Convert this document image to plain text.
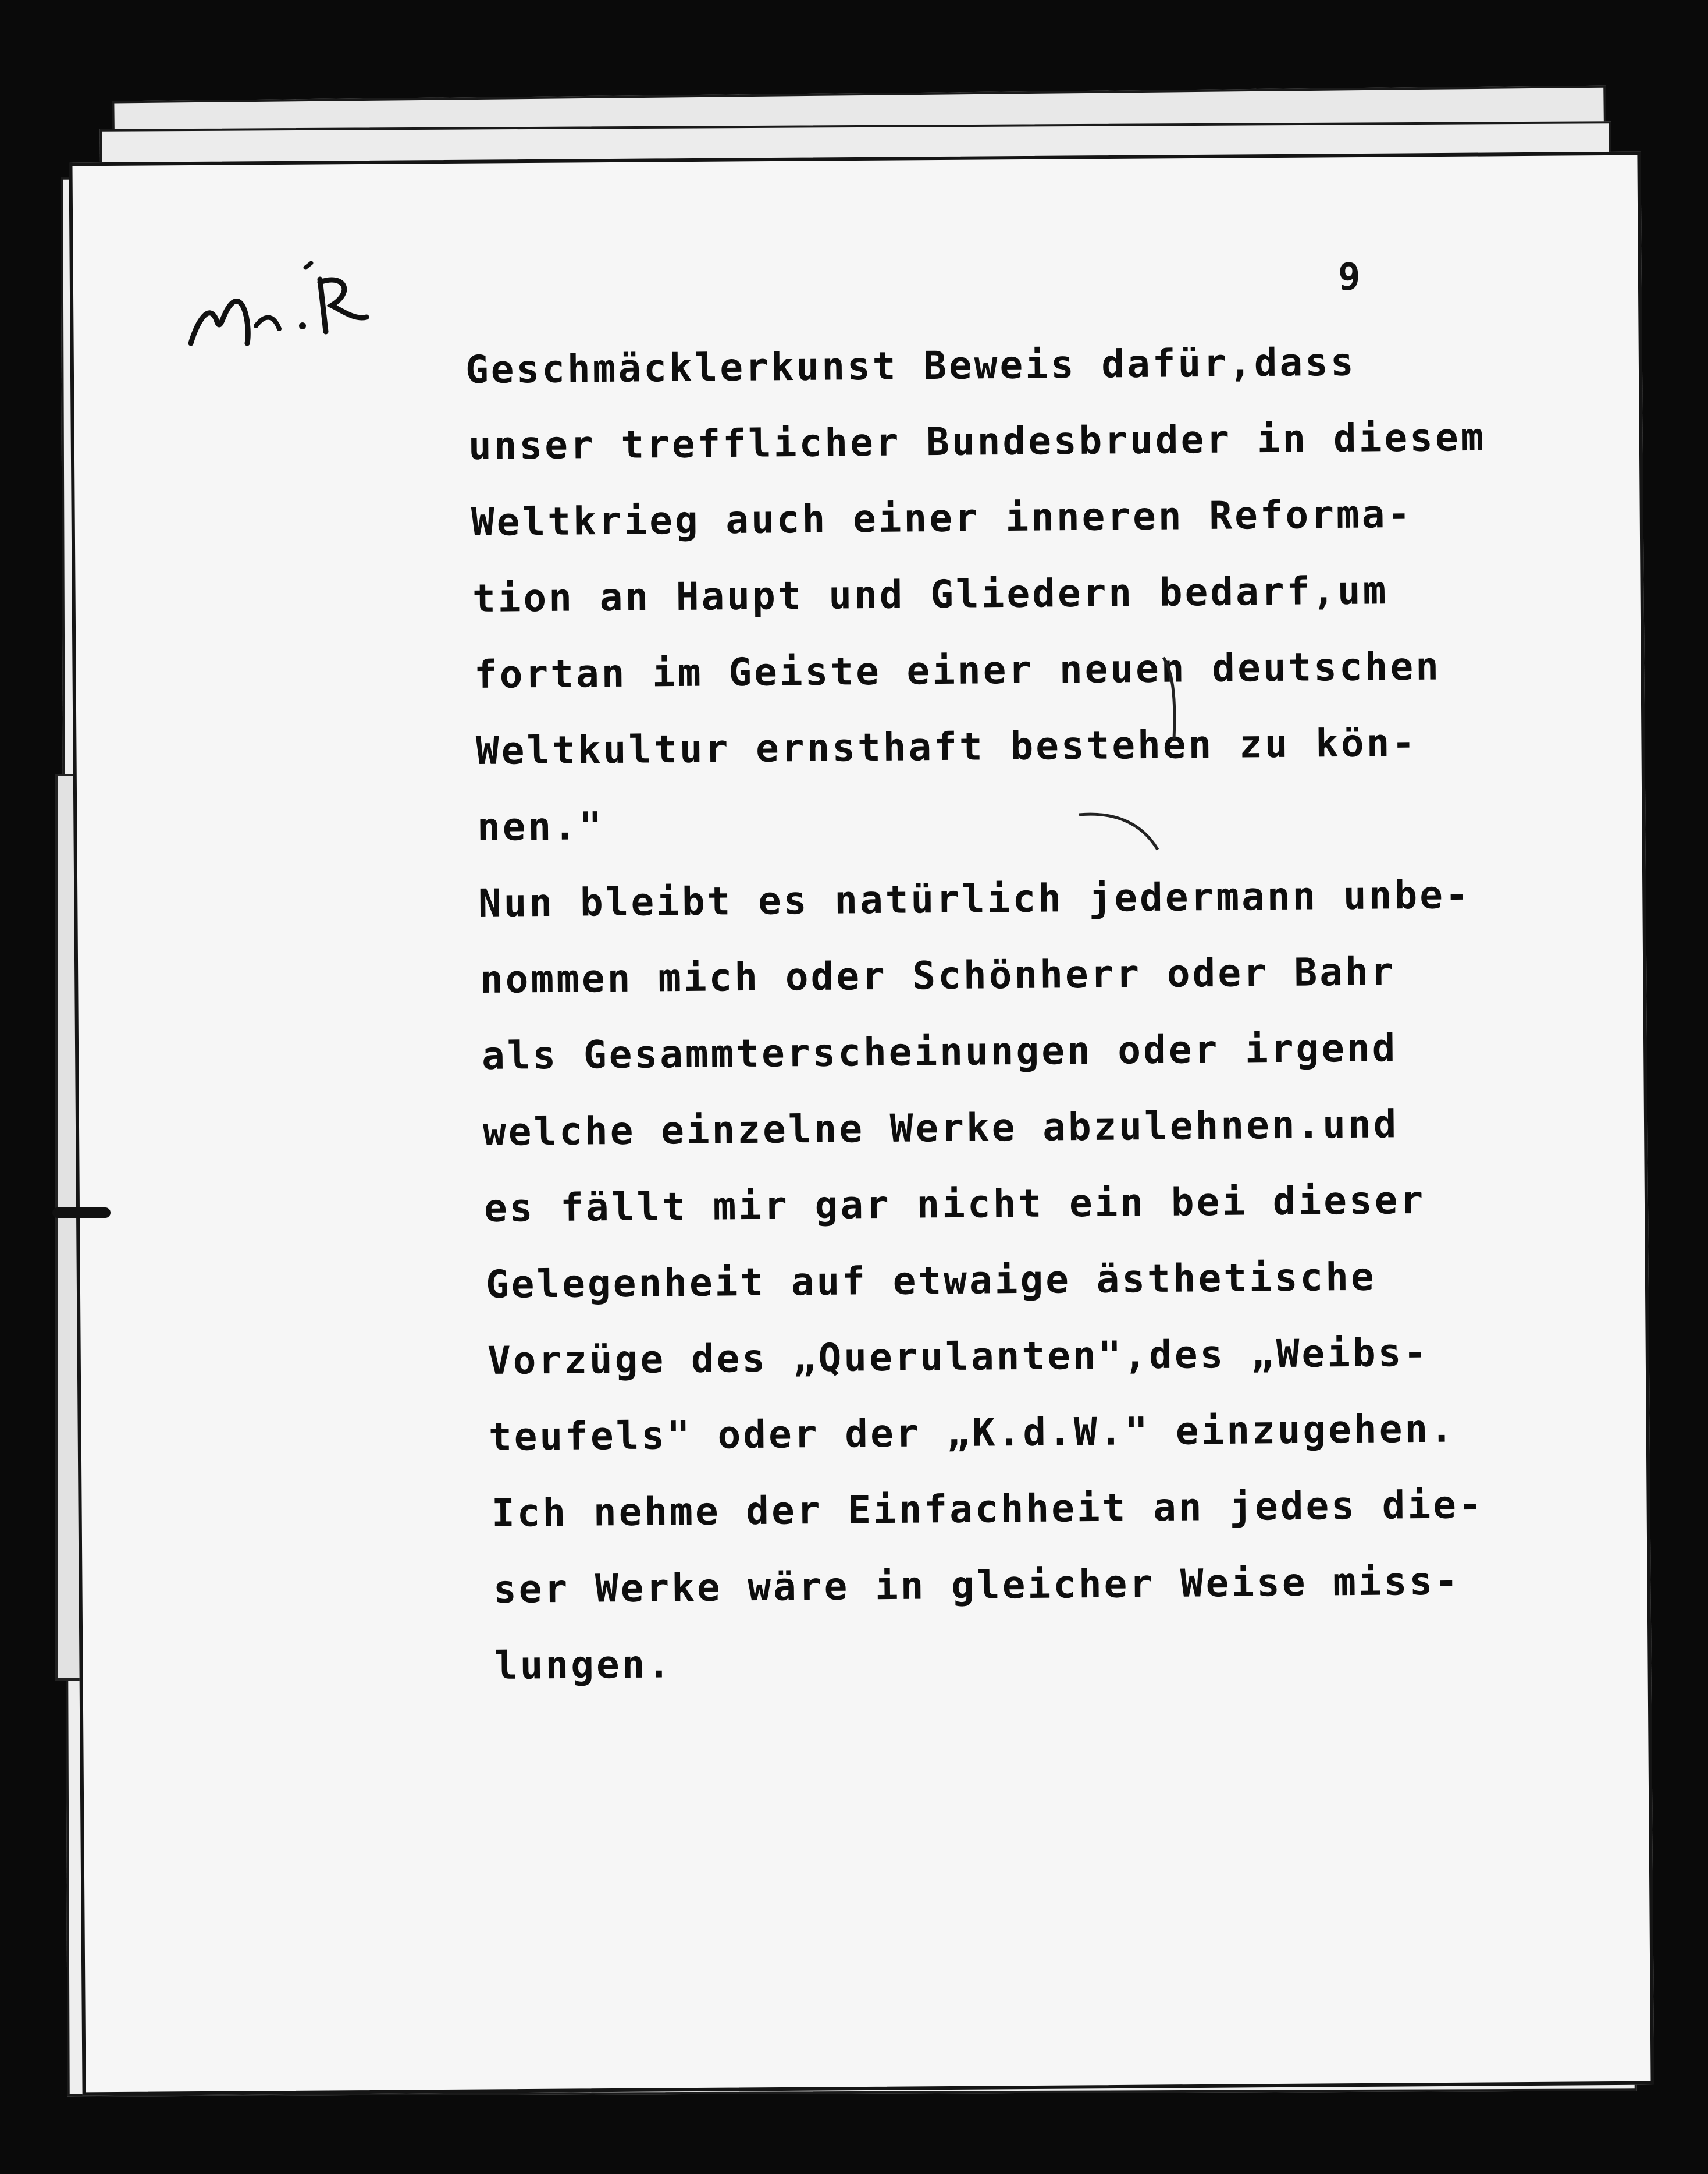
9
Geschmäcklerkunst Beweis dafür,dass
unser trefflicher Bundesbruder in diesem
Weltkrieg auch einer inneren Reforma-
tion an Haupt und Gliedern bedarf,um
fortan im Geiste einer neuen deutschen
Weltkultur ernsthaft bestehen zu kön-
nen."
Nun bleibt es natürlich jedermann unbe-
nommen mich oder Schönherr oder Bahr
als Gesammterscheinungen oder irgend
welche einzelne Werke abzulehnen.und
es fällt mir gar nicht ein bei dieser
Gelegenheit auf etwaige ästhetische
Vorzüge des „Querulanten",des „Weibs-
teufels" oder der „K.d.W." einzugehen.
Ich nehme der Einfachheit an jedes die-
ser Werke wäre in gleicher Weise miss-
lungen.
